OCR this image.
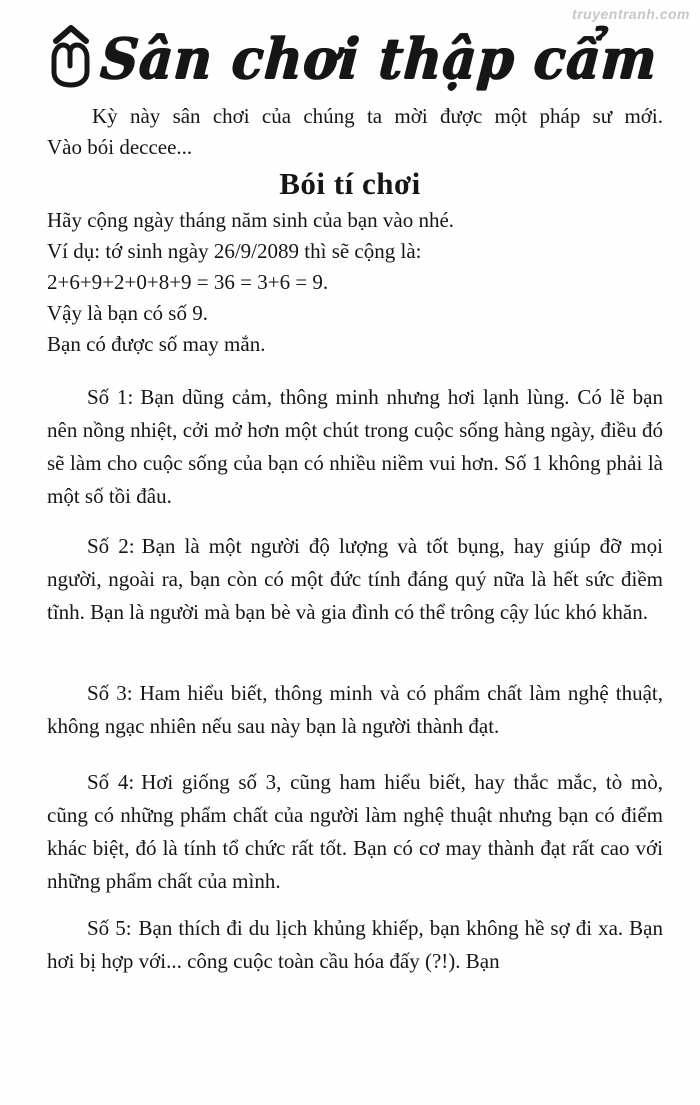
truyentranh.com
Sân chơi thập cẩm
Kỳ này sân chơi của chúng ta mời được một pháp sư mới.
Vào bói deccee...
Bói tí chơi
Hãy cộng ngày tháng năm sinh của bạn vào nhé.
Ví dụ: tớ sinh ngày 26/9/2089 thì sẽ cộng là:
2+6+9+2+0+8+9 = 36 = 3+6 = 9.
Vậy là bạn có số 9.
Bạn có được số may mắn.

Số 1: Bạn dũng cảm, thông minh nhưng hơi lạnh lùng. Có lẽ bạn nên nồng nhiệt, cởi mở hơn một chút trong cuộc sống hàng ngày, điều đó sẽ làm cho cuộc sống của bạn có nhiều niềm vui hơn. Số 1 không phải là một số tồi đâu.

Số 2: Bạn là một người độ lượng và tốt bụng, hay giúp đỡ mọi người, ngoài ra, bạn còn có một đức tính đáng quý nữa là hết sức điềm tĩnh. Bạn là người mà bạn bè và gia đình có thể trông cậy lúc khó khăn.

Số 3: Ham hiểu biết, thông minh và có phẩm chất làm nghệ thuật, không ngạc nhiên nếu sau này bạn là người thành đạt.

Số 4: Hơi giống số 3, cũng ham hiểu biết, hay thắc mắc, tò mò, cũng có những phẩm chất của người làm nghệ thuật nhưng bạn có điểm khác biệt, đó là tính tổ chức rất tốt. Bạn có cơ may thành đạt rất cao với những phẩm chất của mình.

Số 5: Bạn thích đi du lịch khủng khiếp, bạn không hề sợ đi xa. Bạn hơi bị hợp với... công cuộc toàn cầu hóa đấy (?!). Bạn
